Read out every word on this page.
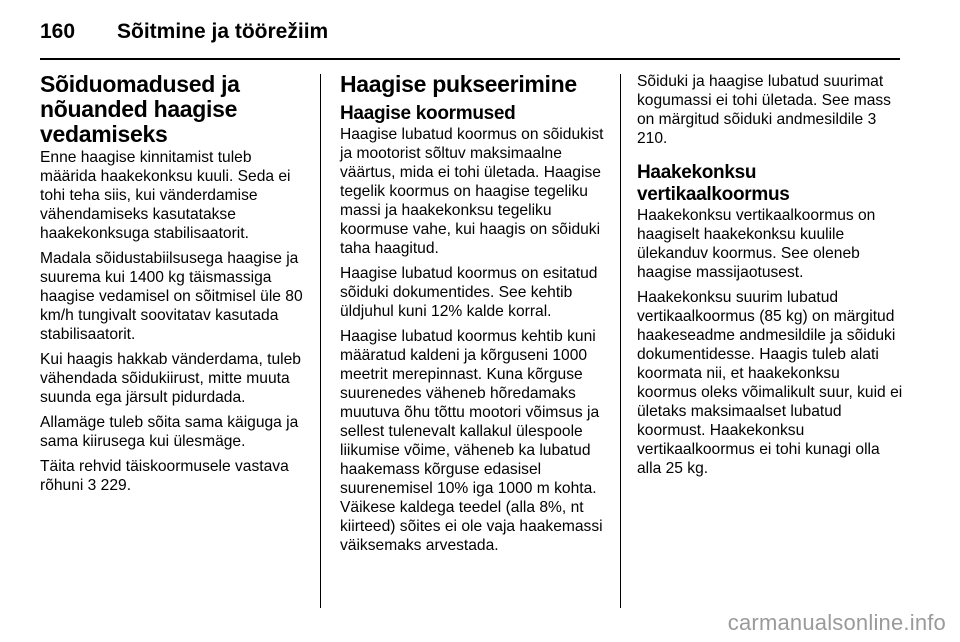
160 Sõitmine ja töörežiim
Sõiduomadused ja
nõuanded haagise
vedamiseks

Enne haagise kinnitamist tuleb määrida haakekonksu kuuli. Seda ei tohi teha siis, kui vänderdamise vähendamiseks kasutatakse haakekonksuga stabilisaatorit.

Madala sõidustabiilsusega haagise ja suurema kui 1400 kg täismassiga haagise vedamisel on sõitmisel üle 80 km/h tungivalt soovitatav kasutada stabilisaatorit.

Kui haagis hakkab vänderdama, tuleb vähendada sõidukiirust, mitte muuta suunda ega järsult pidurdada.

Allamäge tuleb sõita sama käiguga ja sama kiirusega kui ülesmäge.

Täita rehvid täiskoormusele vastava rõhuni 3 229.

Haagise pukseerimine
Haagise koormused

Haagise lubatud koormus on sõidukist ja mootorist sõltuv maksimaalne väärtus, mida ei tohi ületada. Haagise tegelik koormus on haagise tegeliku massi ja haakekonksu tegeliku koormuse vahe, kui haagis on sõiduki taha haagitud.

Haagise lubatud koormus on esitatud sõiduki dokumentides. See kehtib üldjuhul kuni 12% kalde korral.

Haagise lubatud koormus kehtib kuni määratud kaldeni ja kõrguseni 1000 meetrit merepinnast. Kuna kõrguse suurenedes väheneb hõredamaks muutuva õhu tõttu mootori võimsus ja sellest tulenevalt kallakul ülespoole liikumise võime, väheneb ka lubatud haakemass kõrguse edasisel suurenemisel 10% iga 1000 m kohta. Väikese kaldega teedel (alla 8%, nt kiirteed) sõites ei ole vaja haakemassi väiksemaks arvestada.

Sõiduki ja haagise lubatud suurimat kogumassi ei tohi ületada. See mass on märgitud sõiduki andmesildile 3 210.

Haakekonksu vertikaalkoormus

Haakekonksu vertikaalkoormus on haagiselt haakekonksu kuulile ülekanduv koormus. See oleneb haagise massijaotusest.

Haakekonksu suurim lubatud vertikaalkoormus (85 kg) on märgitud haakeseadme andmesildile ja sõiduki dokumentidesse. Haagis tuleb alati koormata nii, et haakekonksu koormus oleks võimalikult suur, kuid ei ületaks maksimaalset lubatud koormust. Haakekonksu vertikaalkoormus ei tohi kunagi olla alla 25 kg.

carmanualsonline.info
